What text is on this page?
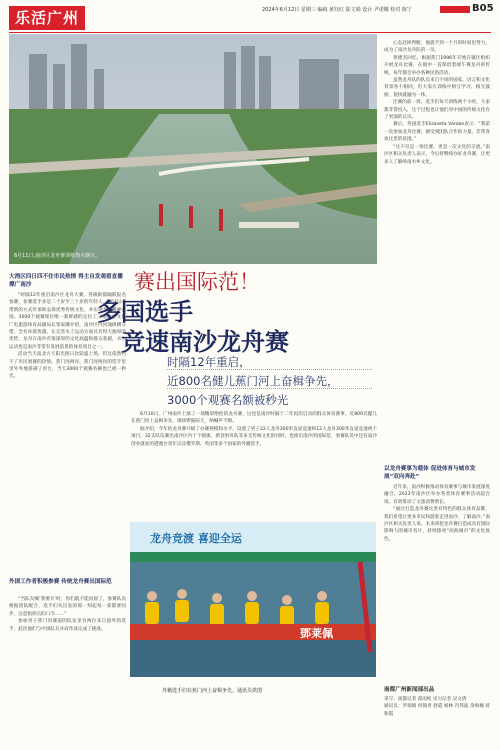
乐活广州	2024年6月12日 星期三 编辑 黄钰红 陆文娟 设计 尹诺娜 校对 陈宁	B05
6月11日,南沙区龙舟赛训练热火朝天。
大湾区四日四不住市民热情 得主自发观看直播撑广南沙

“时隔12年重启南沙区龙舟大赛，各镇街都踊跃报名参赛，参赛选手多是二十岁至三十岁的年轻人，通过以老带新的方式传承和弘扬优秀传统文化，并实现龙舟精神赛场。3000个观赛席位唯一新鲜感的定位了，”南沙区文化广电旅游体育局副局长邹家卿介绍，南沙区内河涌纵横交错，全名环境优越，在完善水上运动方面具有得天独厚的优势，龙舟在南沙有很深厚的文化底蕴和群众基础，水上运动也是南沙非常有发展前景的体育项目之一。

活动当天南北方天阳光照日比较盛上场，但这依然挡不了市民观赛的热情。蕉门河两岸，蕉门河两岸的选手里里外外地挤满了看台，当天3000个观赛名额也已被一秒光。

外国工作者积极参赛 传统龙舟赛出国际范

“当队友喊‘我要开’时，你们就不能再划了，参赛队员根据团队配合，选手们从出发的那一刻起每一桨都要同步，注意指挥官的口令……”

参加男子蕉门河赛道的队伍里有两位来自国外的选手，此次他们与中国队友并肩作战完成了挑战。

赛出国际范！
多国选手
竞速南沙龙舟赛
时隔12年重启，
近800名健儿蕉门河上奋楫争先，
3000个观赛名额被秒光

6月10日，广州南沙上演了一场精彩绝伦的龙舟赛，这也是南沙时隔十二年再次启动的群众体育赛事。近800名健儿在蕉门河上奋楫争先，现场锣鼓喧天，呐喊声不断。

据介绍，今年的龙舟赛升级了办赛规模和水平，设置了男子22人龙舟300米直道竞速和12人龙舟300米直道竞速两个项目，32支队伍赛出南沙区内十个镇街、新登射舟队等多支传统文化的同时，也推出南沙的国际范，参赛队员中还有南沙创业就业的港澳台青年以及俄罗斯、英国等多个国家的外籍选手。

龙舟竞渡 喜迎全运
鄧莱佩
外籍选手们在蕉门河上奋楫争先。通讯员供图

心态赶掉判断，他就不到一个月的时间里努力，成为了南沙龙舟队的一员。

黄德杰回忆，根据蕉门1996年开始在镇区组织开展龙舟比赛，在镇中一直保留着端午赛龙舟的传统，每年都会举办各种民俗活动。

虽然龙舟队的队员来自不同的国家，语言和文化背景各不相同，但大家在训练中相互学习、相互鼓励，很快就融为一体。

比赛的前一周，选手们每天训练两个小时，大家都非常投入，这个过程也让他们对中国的传统文化有了更深的认识。

赛后，英国选手Elizaveta Vorobe表示：“我第一次参加龙舟比赛，感受到团队合作的力量，非常喜欢这里的氛围。”

“这不仅是一场比赛，更是一次文化的交流。”南沙区相关负责人表示，今后将继续办好龙舟赛，让更多人了解岭南水乡文化。

以龙舟赛事为载体 促进体育与城市发展“双向奔赴”

近年来，南沙积极推动体育赛事与城市发展深度融合，2023年南沙区举办各类体育赛事活动超百场，有效带动了文旅消费增长。

“通过打造龙舟赛这类有特色的群众体育品牌，我们希望让更多市民和游客走进南沙、了解南沙，”南沙区相关负责人说，未来将把龙舟赛打造成具有国际影响力的城市名片，持续擦亮“滨海城市”的文化底色。

南都广州新闻部出品
采写：南都记者 郑雨纯 见习记者 吴文倩
通讯员：罗瑞娟 何锦青 舒霞 杨林 肖伟波 余海楠 蒋和霞
